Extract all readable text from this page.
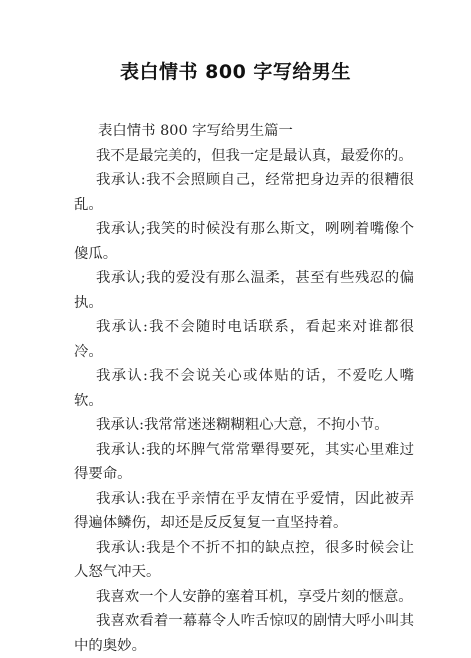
表白情书 800 字写给男生

表白情书 800 字写给男生篇一

我不是最完美的，但我一定是最认真，最爱你的。

我承认:我不会照顾自己，经常把身边弄的很糟很乱。

我承认;我笑的时候没有那么斯文，咧咧着嘴像个傻瓜。

我承认;我的爱没有那么温柔，甚至有些残忍的偏执。

我承认:我不会随时电话联系，看起来对谁都很冷。

我承认:我不会说关心或体贴的话，不爱吃人嘴软。

我承认:我常常迷迷糊糊粗心大意，不拘小节。

我承认:我的坏脾气常常犟得要死，其实心里难过得要命。

我承认:我在乎亲情在乎友情在乎爱情，因此被弄得遍体鳞伤，却还是反反复复一直坚持着。

我承认:我是个不折不扣的缺点控，很多时候会让人怒气冲天。

我喜欢一个人安静的塞着耳机，享受片刻的惬意。

我喜欢看着一幕幕令人咋舌惊叹的剧情大呼小叫其中的奥妙。
